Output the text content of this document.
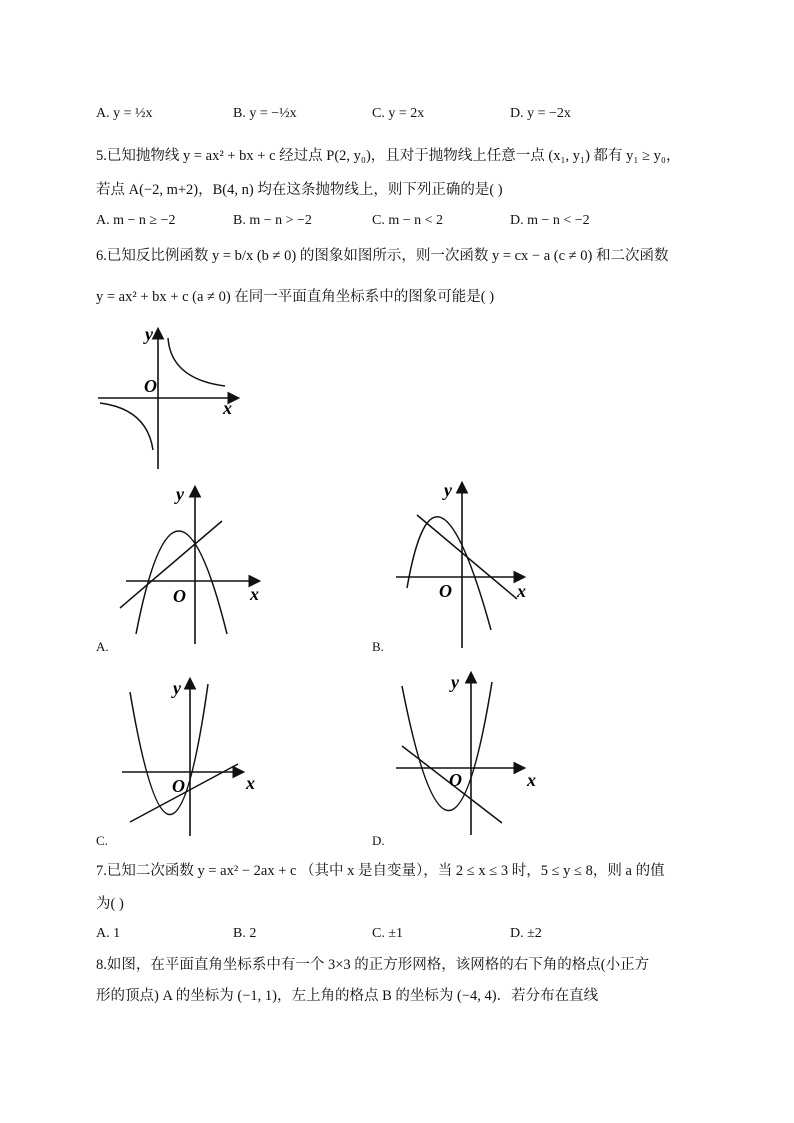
A. y = ½x	B. y = −½x	C. y = 2x	D. y = −2x
5.已知抛物线 y = ax² + bx + c 经过点 P(2, y₀)，且对于抛物线上任意一点 (x₁, y₁) 都有 y₁ ≥ y₀，
若点 A(−2, m+2)，B(4, n) 均在这条抛物线上，则下列正确的是( )
A. m − n ≥ −2	B. m − n > −2	C. m − n < 2	D. m − n < −2
6.已知反比例函数 y = b/x (b ≠ 0) 的图象如图所示，则一次函数 y = cx − a (c ≠ 0) 和二次函数
y = ax² + bx + c (a ≠ 0) 在同一平面直角坐标系中的图象可能是( )
y
x
O
y
x
O
A.
y
x
O
B.
y
x
O
C.
y
x
O
D.
7.已知二次函数 y = ax² − 2ax + c （其中 x 是自变量），当 2 ≤ x ≤ 3 时，5 ≤ y ≤ 8，则 a 的值
为( )
A. 1	B. 2	C. ±1	D. ±2
8.如图，在平面直角坐标系中有一个 3×3 的正方形网格，该网格的右下角的格点(小正方
形的顶点) A 的坐标为 (−1, 1)，左上角的格点 B 的坐标为 (−4, 4)．若分布在直线
